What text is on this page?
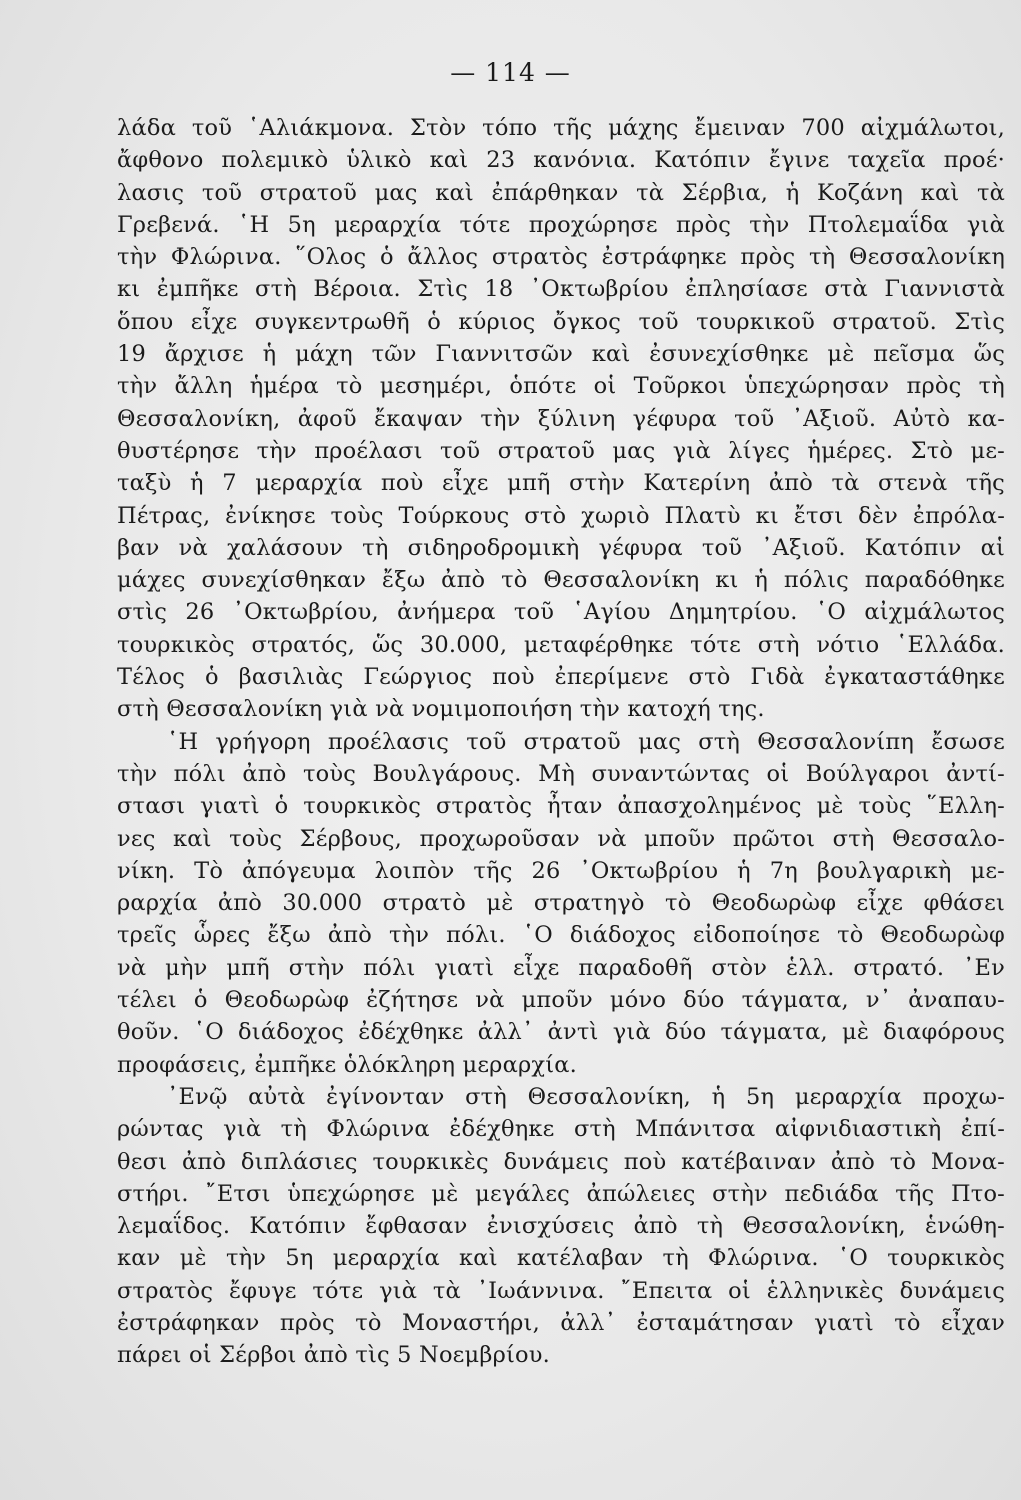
— 114 —
λάδα τοῦ ῾Αλιάκμονα. Στὸν τόπο τῆς μάχης ἔμειναν 700 αἰχμάλωτοι,
ἄφθονο πολεμικὸ ὑλικὸ καὶ 23 κανόνια. Κατόπιν ἔγινε ταχεῖα προέ·
λασις τοῦ στρατοῦ μας καὶ ἐπάρθηκαν τὰ Σέρβια, ἡ Κοζάνη καὶ τὰ
Γρεβενά. ῾Η 5η μεραρχία τότε προχώρησε πρὸς τὴν Πτολεμαΐδα γιὰ
τὴν Φλώρινα. ῞Ολος ὁ ἄλλος στρατὸς ἐστράφηκε πρὸς τὴ Θεσσαλονίκη
κι ἐμπῆκε στὴ Βέροια. Στὶς 18 ᾿Οκτωβρίου ἐπλησίασε στὰ Γιαννιστὰ
ὅπου εἶχε συγκεντρωθῆ ὁ κύριος ὄγκος τοῦ τουρκικοῦ στρατοῦ. Στὶς
19 ἄρχισε ἡ μάχη τῶν Γιαννιτσῶν καὶ ἐσυνεχίσθηκε μὲ πεῖσμα ὥς
τὴν ἄλλη ἡμέρα τὸ μεσημέρι, ὁπότε οἱ Τοῦρκοι ὑπεχώρησαν πρὸς τὴ
Θεσσαλονίκη, ἀφοῦ ἔκαψαν τὴν ξύλινη γέφυρα τοῦ ᾿Αξιοῦ. Αὐτὸ κα-
θυστέρησε τὴν προέλασι τοῦ στρατοῦ μας γιὰ λίγες ἡμέρες. Στὸ με-
ταξὺ ἡ 7 μεραρχία ποὺ εἶχε μπῆ στὴν Κατερίνη ἀπὸ τὰ στενὰ τῆς
Πέτρας, ἐνίκησε τοὺς Τούρκους στὸ χωριὸ Πλατὺ κι ἔτσι δὲν ἐπρόλα-
βαν νὰ χαλάσουν τὴ σιδηροδρομικὴ γέφυρα τοῦ ᾿Αξιοῦ. Κατόπιν αἱ
μάχες συνεχίσθηκαν ἔξω ἀπὸ τὸ Θεσσαλονίκη κι ἡ πόλις παραδόθηκε
στὶς 26 ᾿Οκτωβρίου, ἀνήμερα τοῦ ῾Αγίου Δημητρίου. ῾Ο αἰχμάλωτος
τουρκικὸς στρατός, ὥς 30.000, μεταφέρθηκε τότε στὴ νότιο ῾Ελλάδα.
Τέλος ὁ βασιλιὰς Γεώργιος ποὺ ἐπερίμενε στὸ Γιδὰ ἐγκαταστάθηκε
στὴ Θεσσαλονίκη γιὰ νὰ νομιμοποιήση τὴν κατοχή της.
῾Η γρήγορη προέλασις τοῦ στρατοῦ μας στὴ Θεσσαλονίπη ἔσωσε
τὴν πόλι ἀπὸ τοὺς Βουλγάρους. Μὴ συναντώντας οἱ Βούλγαροι ἀντί-
στασι γιατὶ ὁ τουρκικὸς στρατὸς ἦταν ἀπασχολημένος μὲ τοὺς ῞Ελλη-
νες καὶ τοὺς Σέρβους, προχωροῦσαν νὰ μποῦν πρῶτοι στὴ Θεσσαλο-
νίκη. Τὸ ἀπόγευμα λοιπὸν τῆς 26 ᾿Οκτωβρίου ἡ 7η βουλγαρικὴ με-
ραρχία ἀπὸ 30.000 στρατὸ μὲ στρατηγὸ τὸ Θεοδωρὼφ εἶχε φθάσει
τρεῖς ὧρες ἔξω ἀπὸ τὴν πόλι. ῾Ο διάδοχος εἰδοποίησε τὸ Θεοδωρὼφ
νὰ μὴν μπῆ στὴν πόλι γιατὶ εἶχε παραδοθῆ στὸν ἑλλ. στρατό. ᾿Εν
τέλει ὁ Θεοδωρὼφ ἐζήτησε νὰ μποῦν μόνο δύο τάγματα, ν᾿ ἀναπαυ-
θοῦν. ῾Ο διάδοχος ἐδέχθηκε ἀλλ᾿ ἀντὶ γιὰ δύο τάγματα, μὲ διαφόρους
προφάσεις, ἐμπῆκε ὁλόκληρη μεραρχία.
᾿Ενῷ αὐτὰ ἐγίνονταν στὴ Θεσσαλονίκη, ἡ 5η μεραρχία προχω-
ρώντας γιὰ τὴ Φλώρινα ἐδέχθηκε στὴ Μπάνιτσα αἰφνιδιαστικὴ ἐπί-
θεσι ἀπὸ διπλάσιες τουρκικὲς δυνάμεις ποὺ κατέβαιναν ἀπὸ τὸ Μονα-
στήρι. ῎Ετσι ὑπεχώρησε μὲ μεγάλες ἀπώλειες στὴν πεδιάδα τῆς Πτο-
λεμαΐδος. Κατόπιν ἔφθασαν ἐνισχύσεις ἀπὸ τὴ Θεσσαλονίκη, ἑνώθη-
καν μὲ τὴν 5η μεραρχία καὶ κατέλαβαν τὴ Φλώρινα. ῾Ο τουρκικὸς
στρατὸς ἔφυγε τότε γιὰ τὰ ᾿Ιωάννινα. ῎Επειτα οἱ ἑλληνικὲς δυνάμεις
ἐστράφηκαν πρὸς τὸ Μοναστήρι, ἀλλ᾿ ἐσταμάτησαν γιατὶ τὸ εἶχαν
πάρει οἱ Σέρβοι ἀπὸ τὶς 5 Νοεμβρίου.
